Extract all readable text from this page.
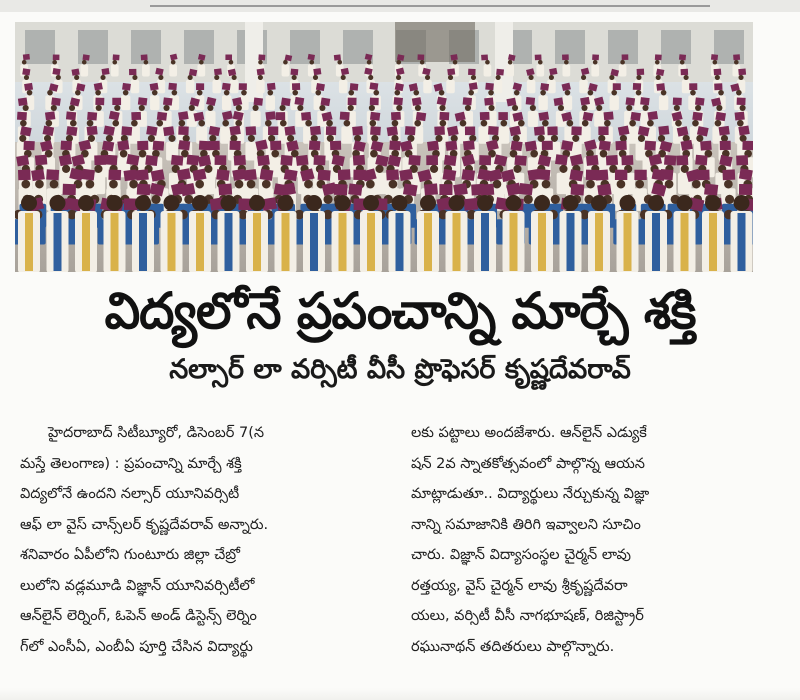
విద్యలోనే ప్రపంచాన్ని మార్చే శక్తి
నల్సార్ లా వర్సిటీ వీసీ ప్రొఫెసర్ కృష్ణదేవరావ్

హైదరాబాద్ సిటీబ్యూరో, డిసెంబర్ 7(న

మస్తే తెలంగాణ) : ప్రపంచాన్ని మార్చే శక్తి

విద్యలోనే ఉందని నల్సార్ యూనివర్సిటీ

ఆఫ్ లా వైస్ చాన్స్‌లర్ కృష్ణదేవరావ్ అన్నారు.

శనివారం ఏపీలోని గుంటూరు జిల్లా చేబ్రో

లులోని వడ్లమూడి విజ్ఞాన్ యూనివర్సిటీలో

ఆన్‌లైన్ లెర్నింగ్, ఓపెన్ అండ్ డిస్టెన్స్ లెర్నిం

గ్‌లో ఎంసీఏ, ఎంబీఏ పూర్తి చేసిన విద్యార్థు

లకు పట్టాలు అందజేశారు. ఆన్‌లైన్ ఎడ్యుకే

షన్ 2వ స్నాతకోత్సవంలో పాల్గొన్న ఆయన

మాట్లాడుతూ.. విద్యార్థులు నేర్చుకున్న విజ్ఞా

నాన్ని సమాజానికి తిరిగి ఇవ్వాలని సూచిం

చారు. విజ్ఞాన్ విద్యాసంస్థల చైర్మన్ లావు

రత్తయ్య, వైస్ చైర్మన్ లావు శ్రీకృష్ణదేవరా

యలు, వర్సిటీ వీసీ నాగభూషణ్, రిజిస్ట్రార్

రఘునాథన్ తదితరులు పాల్గొన్నారు.
